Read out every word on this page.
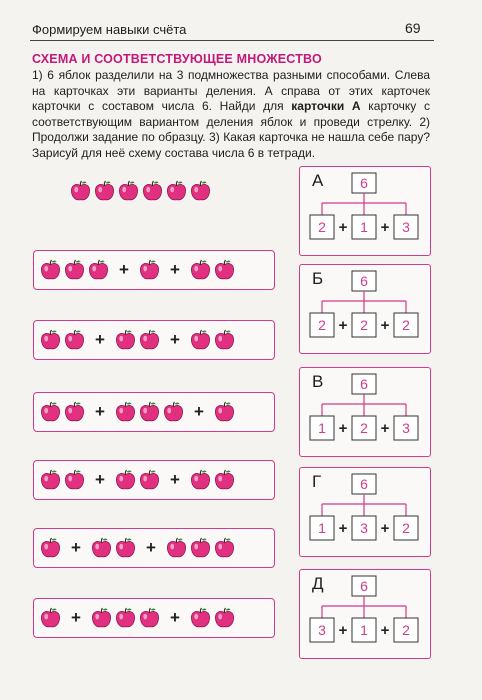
Формируем навыки счёта	69
СХЕМА И СООТВЕТСТВУЮЩЕЕ МНОЖЕСТВО

1) 6 яблок разделили на 3 подмножества разными способами. Слева на карточках эти варианты деления. А справа от этих карточек карточки с составом числа 6. Найди для карточки А карточку с соответствующим вариантом деления яблок и проведи стрелку. 2) Продолжи задание по образцу. 3) Какая карточка не нашла себе пару? Зарисуй для неё схему состава числа 6 в тетради.

+ +
+	+
+	+
+	+
+	+
+	+
А	6
2 + 1 + 3
Б	6
2 + 2 + 2
В	6
1 + 2 + 3
Г	6
1 + 3 + 2
Д	6
3 + 1 + 2
